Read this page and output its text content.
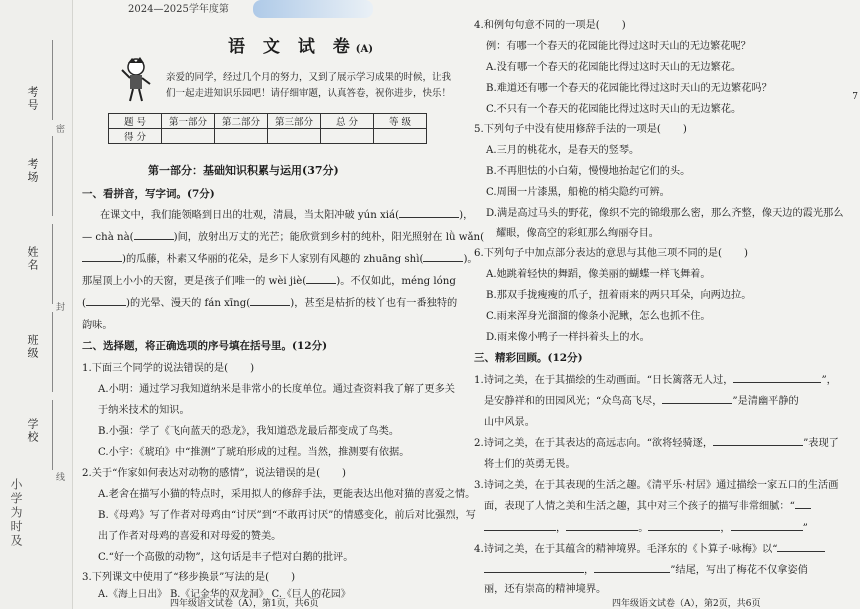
考号
考场
姓名
班级
学校
小学为时及
密
封
线
2024—2025学年度第
语 文 试 卷(A)
亲爱的同学，经过几个月的努力，又到了展示学习成果的时候，让我们一起走进知识乐园吧！请仔细审题，认真答卷，祝你进步，快乐！
题 号	第一部分	第二部分	第三部分	总 分	等 级
得 分					
第一部分：基础知识积累与运用(37分)
一、看拼音，写字词。(7分)
在课文中，我们能领略到日出的壮观，清晨，当太阳冲破 yún xiá(	)，
— chà nà(	)间，放射出万丈的光芒；能欣赏到乡村的纯朴，阳光照射在 lǜ wǎn(
)的瓜藤，朴素又华丽的花朵，是乡下人家别有风趣的 zhuāng shì(	)。
那屋顶上小小的天窗，更是孩子们唯一的 wèi jiè(	)。不仅如此，méng lóng
(	)的光晕、漫天的 fán xīng(	)，甚至是枯折的枝丫也有一番独特的
韵味。
二、选择题，将正确选项的序号填在括号里。(12分)
1.下面三个同学的说法错误的是( )
A.小明：通过学习我知道纳米是非常小的长度单位。通过查资料我了解了更多关
于纳米技术的知识。
B.小强：学了《飞向蓝天的恐龙》，我知道恐龙最后都变成了鸟类。
C.小宇：《琥珀》中“推测”了琥珀形成的过程。当然，推测要有依据。
2.关于“作家如何表达对动物的感情”，说法错误的是( )
A.老舍在描写小猫的特点时，采用拟人的修辞手法，更能表达出他对猫的喜爱之情。
B.《母鸡》写了作者对母鸡由“讨厌”到“不敢再讨厌”的情感变化，前后对比强烈，写
出了作者对母鸡的喜爱和对母爱的赞美。
C.“好一个高傲的动物”，这句话是丰子恺对白鹅的批评。
3.下列课文中使用了“移步换景”写法的是( )
A.《海上日出》 B.《记金华的双龙洞》 C.《巨人的花园》
四年级语文试卷（A），第1页，共6页
4.和例句句意不同的一项是( )
例：有哪一个春天的花园能比得过这时天山的无边繁花呢？
A.没有哪一个春天的花园能比得过这时天山的无边繁花。
B.难道还有哪一个春天的花园能比得过这时天山的无边繁花吗？
C.不只有一个春天的花园能比得过这时天山的无边繁花。
5.下列句子中没有使用修辞手法的一项是( )
A.三月的桃花水，是春天的竖琴。
B.不再胆怯的小白菊，慢慢地抬起它们的头。
C.周围一片漆黑，船桅的梢尖隐约可辨。
D.满是高过马头的野花，像织不完的锦缎那么密，那么齐整，像天边的霞光那么
耀眼，像高空的彩虹那么绚丽夺目。
6.下列句子中加点部分表达的意思与其他三项不同的是( )
A.她跳着轻快的舞蹈，像美丽的蝴蝶一样飞舞着。
B.那双手拢瘦瘦的爪子，扭着雨来的两只耳朵，向两边拉。
C.雨来浑身光溜溜的像条小泥鳅，怎么也抓不住。
D.雨来像小鸭子一样抖着头上的水。
三、精彩回顾。(12分)
1.诗词之美，在于其描绘的生动画面。“日长篱落无人过，	”，
是安静祥和的田园风光；“众鸟高飞尽，	”是清幽平静的
山中风景。
2.诗词之美，在于其表达的高远志向。“欲将轻骑逐，	”表现了
将士们的英勇无畏。
3.诗词之美，在于其表现的生活之趣。《清平乐·村居》通过描绘一家五口的生活画
面，表现了人情之美和生活之趣，其中对三个孩子的描写非常细腻：“
，	。	，	”
4.诗词之美，在于其蕴含的精神境界。毛泽东的《卜算子·咏梅》以“
，	”结尾，写出了梅花不仅拿姿俏
丽，还有崇高的精神境界。
四年级语文试卷（A），第2页，共6页
7
